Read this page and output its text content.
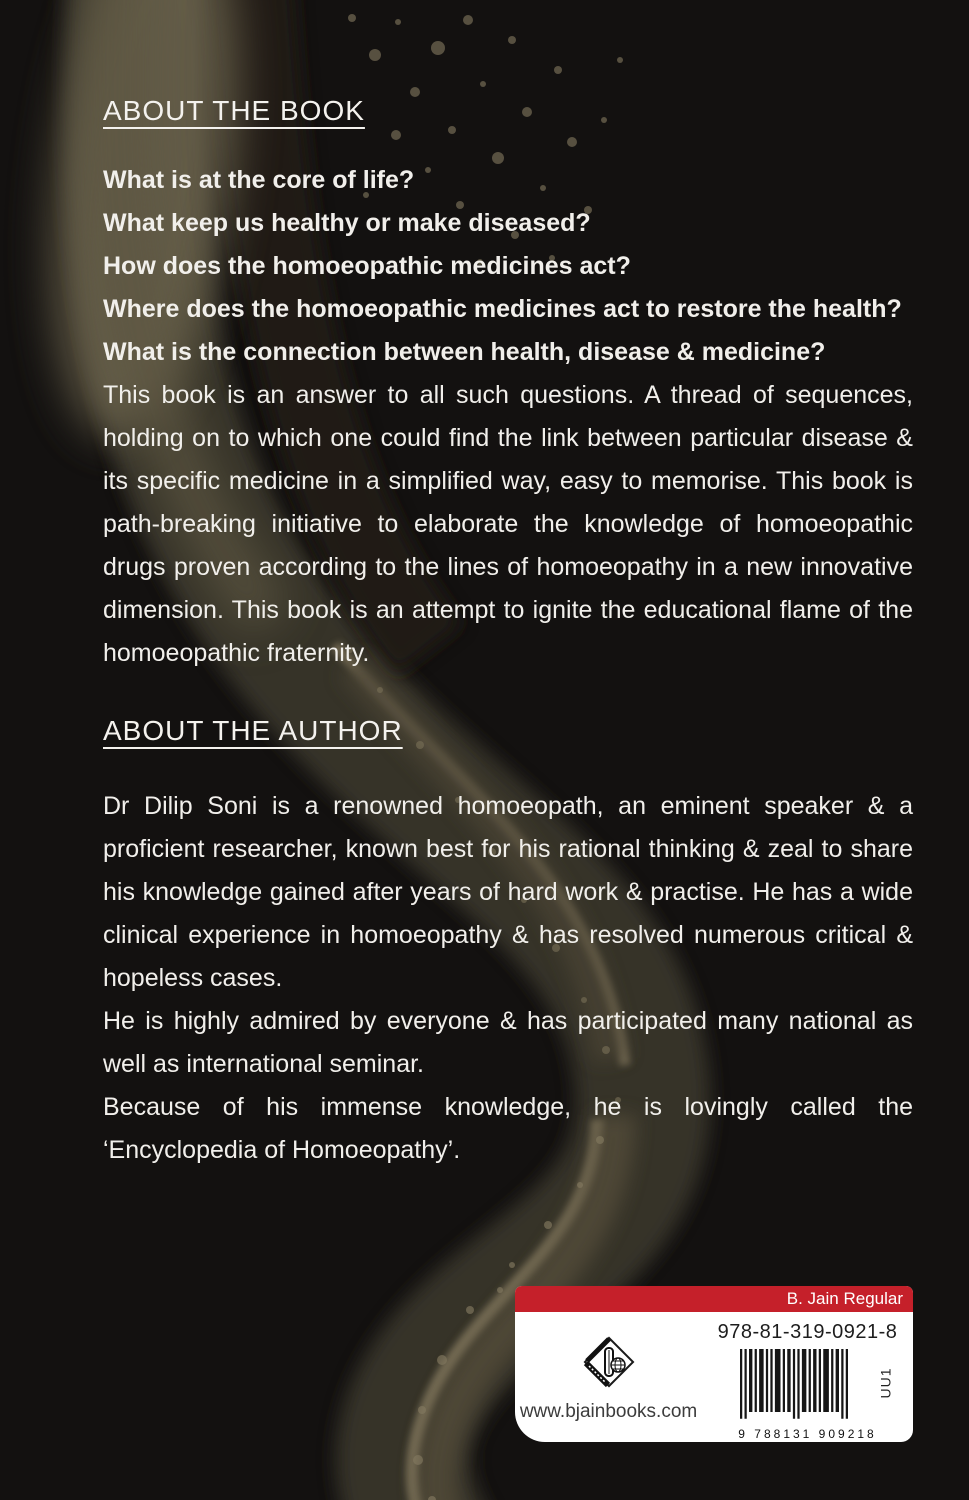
ABOUT THE BOOK

What is at the core of life?

What keep us healthy or make diseased?

How does the homoeopathic medicines act?

Where does the homoeopathic medicines act to restore the health?

What is the connection between health, disease & medicine?

This book is an answer to all such questions. A thread of sequences, holding on to which one could find the link between particular disease & its specific medicine in a simplified way, easy to memorise. This book is path-breaking initiative to elaborate the knowledge of homoeopathic drugs proven according to the lines of homoeopathy in a new innovative dimension. This book is an attempt to ignite the educational flame of the homoeopathic fraternity.

ABOUT THE AUTHOR

Dr Dilip Soni is a renowned homoeopath, an eminent speaker & a proficient researcher, known best for his rational thinking & zeal to share his knowledge gained after years of hard work & practise. He has a wide clinical experience in homoeopathy & has resolved numerous critical & hopeless cases.

He is highly admired by everyone & has participated many national as well as international seminar.

Because of his immense knowledge, he is lovingly called the ‘Encyclopedia of Homoeopathy’.

B. Jain Regular
www.bjainbooks.com
978-81-319-0921-8
9 788131 909218
UU1
